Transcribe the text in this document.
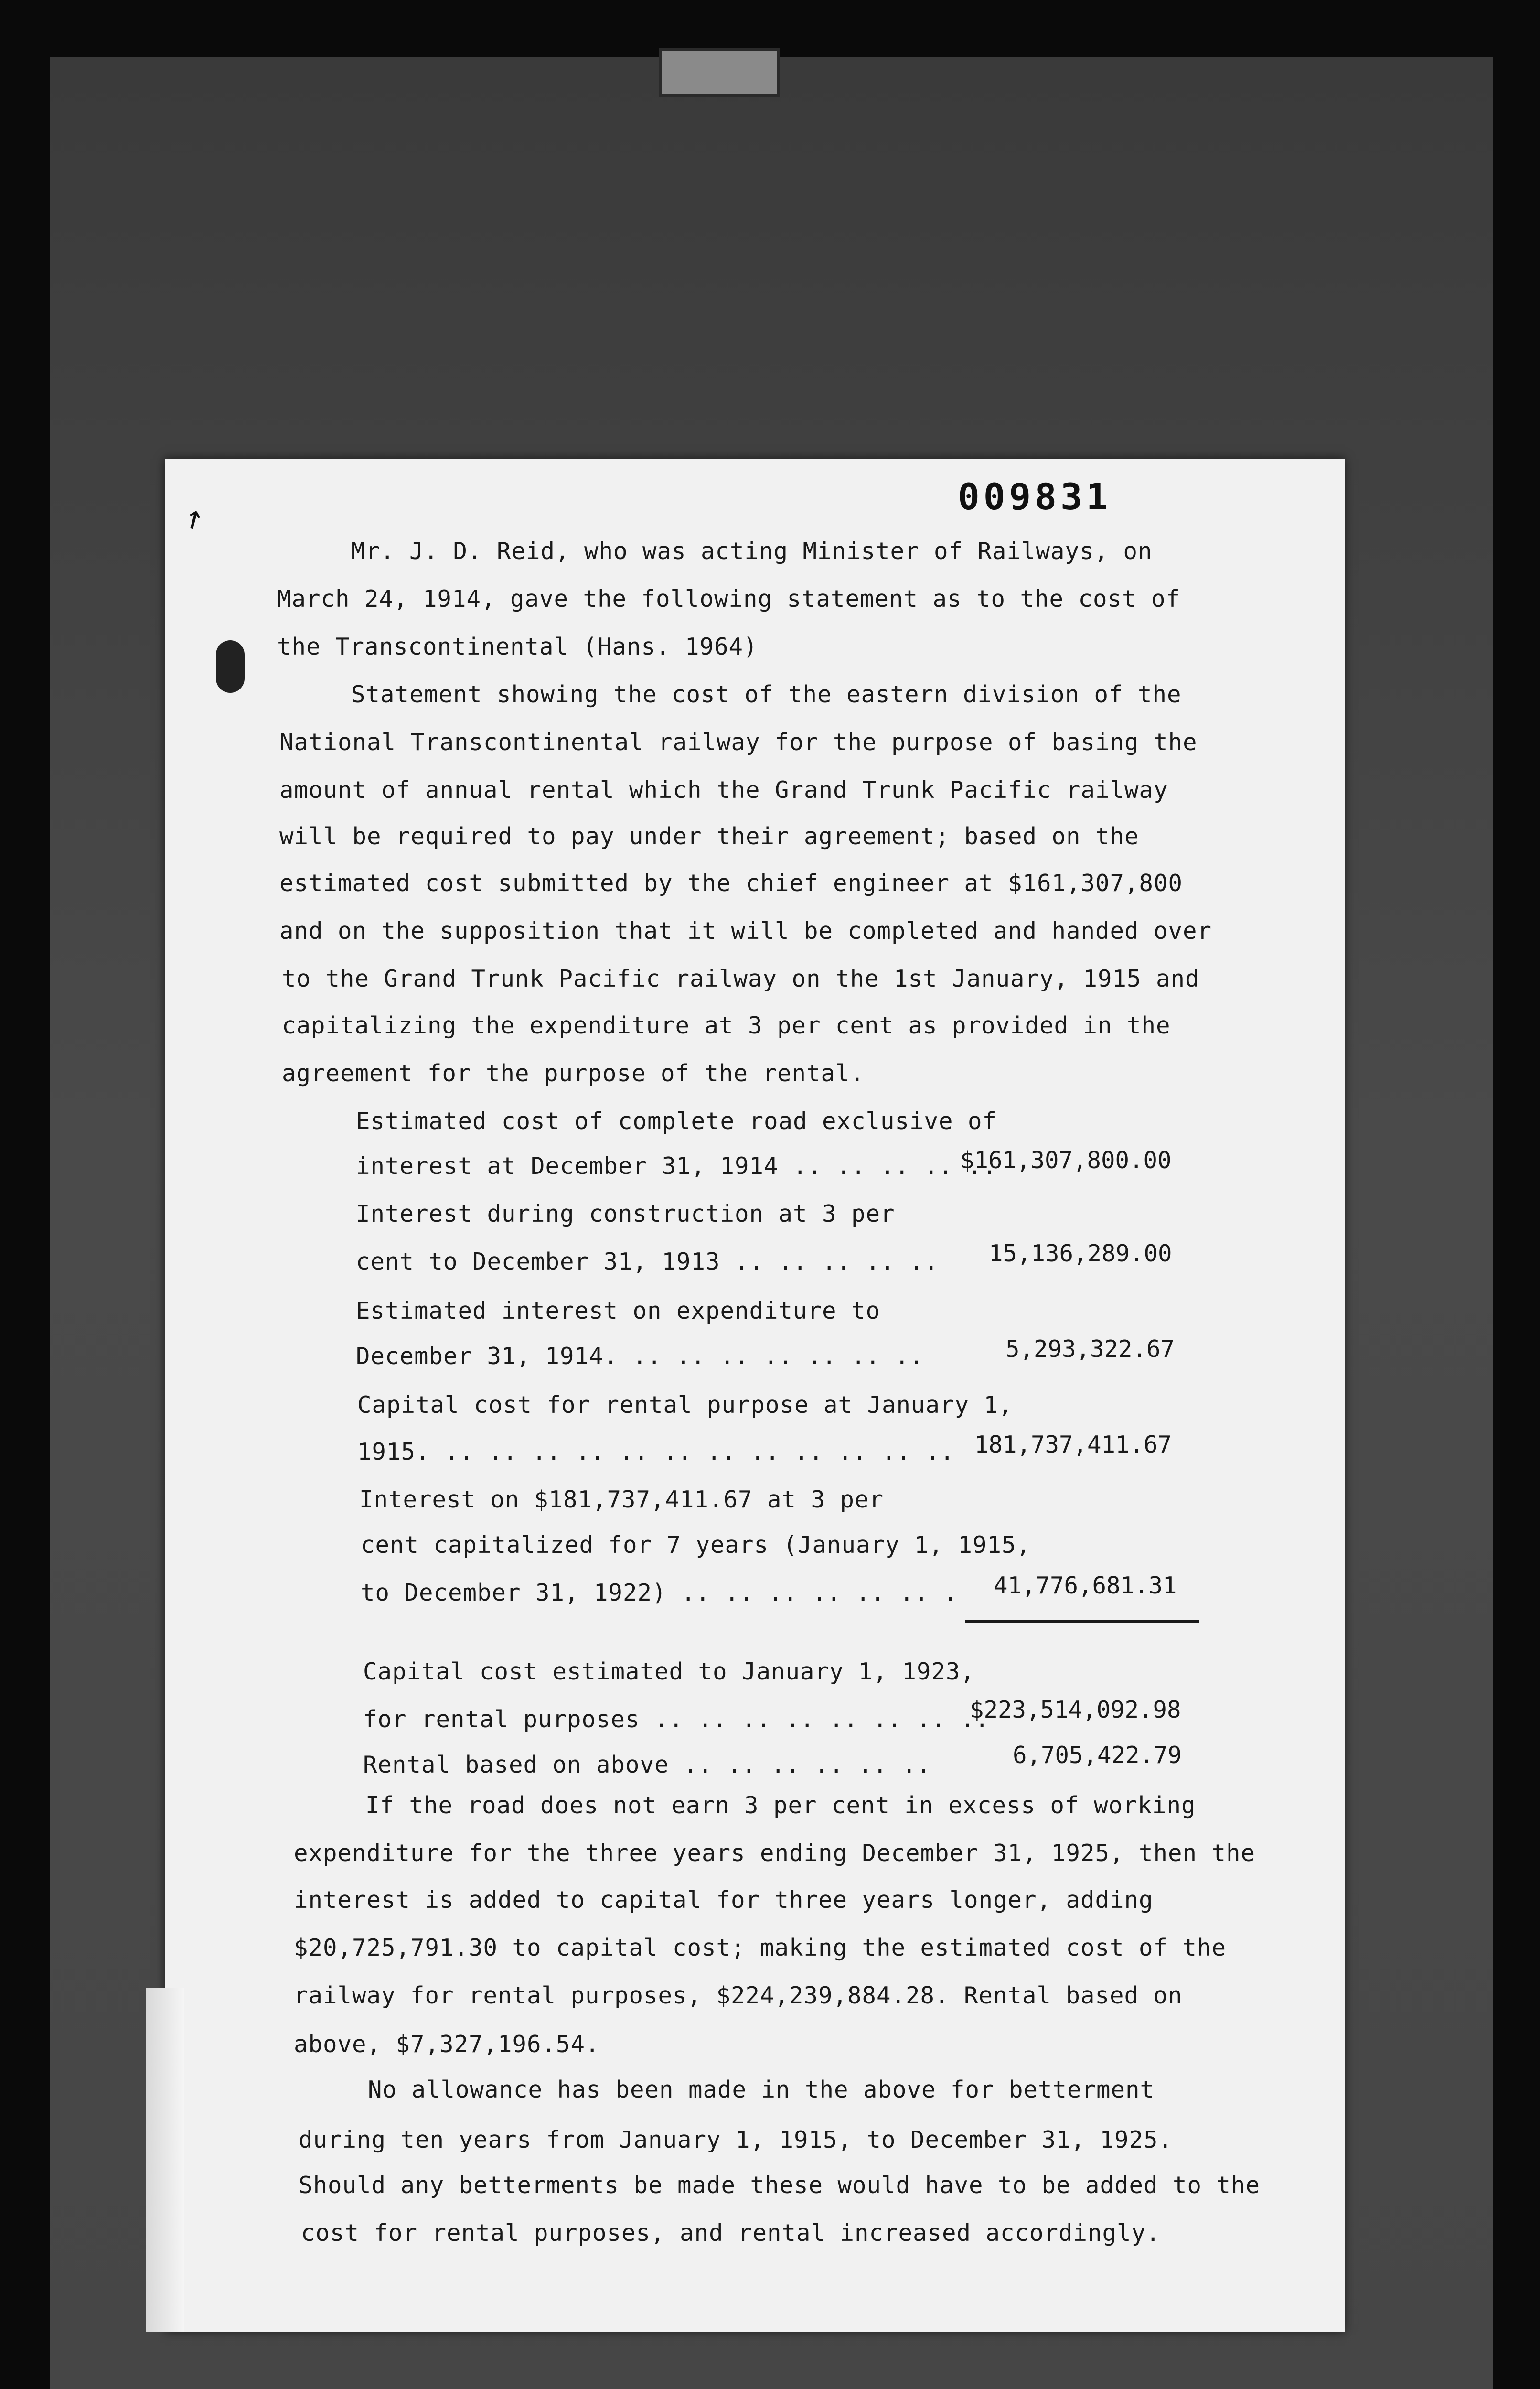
↗	009831
Mr. J. D. Reid, who was acting Minister of Railways, on
March 24, 1914, gave the following statement as to the cost of
the Transcontinental (Hans. 1964)
Statement showing the cost of the eastern division of the
National Transcontinental railway for the purpose of basing the
amount of annual rental which the Grand Trunk Pacific railway
will be required to pay under their agreement; based on the
estimated cost submitted by the chief engineer at $161,307,800
and on the supposition that it will be completed and handed over
to the Grand Trunk Pacific railway on the 1st January, 1915 and
capitalizing the expenditure at 3 per cent as provided in the
agreement for the purpose of the rental.
Estimated cost of complete road exclusive of
interest at December 31, 1914 .. .. .. .. ..
$161,307,800.00
Interest during construction at 3 per
cent to December 31, 1913 .. .. .. .. .. 15,136,289.00
Estimated interest on expenditure to
December 31, 1914. .. .. .. .. .. .. ..	5,293,322.67
Capital cost for rental purpose at January 1,
1915. .. .. .. .. .. .. .. .. .. .. .. .. 181,737,411.67
Interest on $181,737,411.67 at 3 per
cent capitalized for 7 years (January 1, 1915,
to December 31, 1922) .. .. .. .. .. .. . 41,776,681.31
Capital cost estimated to January 1, 1923,
for rental purposes .. .. .. .. .. .. .. ..
$223,514,092.98
Rental based on above .. .. .. .. .. ..	6,705,422.79
If the road does not earn 3 per cent in excess of working
expenditure for the three years ending December 31, 1925, then the
interest is added to capital for three years longer, adding
$20,725,791.30 to capital cost; making the estimated cost of the
railway for rental purposes, $224,239,884.28. Rental based on
above, $7,327,196.54.
No allowance has been made in the above for betterment
during ten years from January 1, 1915, to December 31, 1925.
Should any betterments be made these would have to be added to the
cost for rental purposes, and rental increased accordingly.
